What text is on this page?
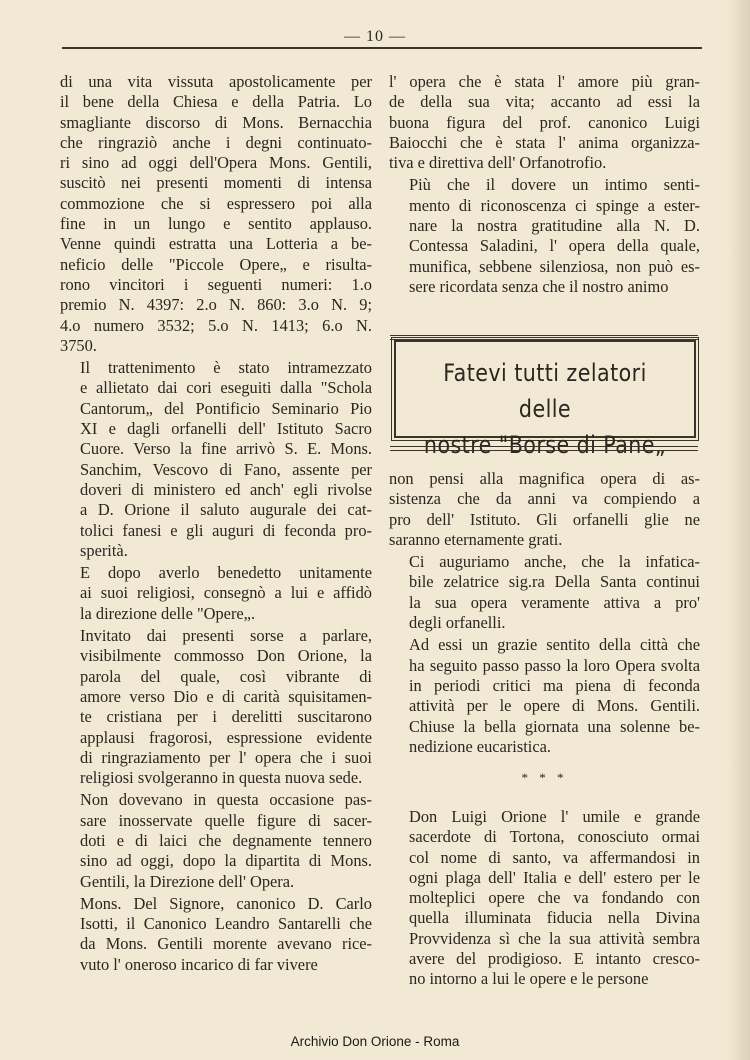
— 10 —

di una vita vissuta apostolicamente per
il bene della Chiesa e della Patria. Lo
smagliante discorso di Mons. Bernacchia
che ringraziò anche i degni continuato-
ri sino ad oggi dell'Opera Mons. Gentili,
suscitò nei presenti momenti di intensa
commozione che si espressero poi alla
fine in un lungo e sentito applauso.
Venne quindi estratta una Lotteria a be-
neficio delle "Piccole Opere„ e risulta-
rono vincitori i seguenti numeri: 1.o
premio N. 4397: 2.o N. 860: 3.o N. 9;
4.o numero 3532; 5.o N. 1413; 6.o N.
3750.

Il trattenimento è stato intramezzato
e allietato dai cori eseguiti dalla "Schola
Cantorum„ del Pontificio Seminario Pio
XI e dagli orfanelli dell' Istituto Sacro
Cuore. Verso la fine arrivò S. E. Mons.
Sanchim, Vescovo di Fano, assente per
doveri di ministero ed anch' egli rivolse
a D. Orione il saluto augurale dei cat-
tolici fanesi e gli auguri di feconda pro-
sperità.

E dopo averlo benedetto unitamente
ai suoi religiosi, consegnò a lui e affidò
la direzione delle "Opere„.

Invitato dai presenti sorse a parlare,
visibilmente commosso Don Orione, la
parola del quale, così vibrante di
amore verso Dio e di carità squisitamen-
te cristiana per i derelitti suscitarono
applausi fragorosi, espressione evidente
di ringraziamento per l' opera che i suoi
religiosi svolgeranno in questa nuova sede.

Non dovevano in questa occasione pas-
sare inosservate quelle figure di sacer-
doti e di laici che degnamente tennero
sino ad oggi, dopo la dipartita di Mons.
Gentili, la Direzione dell' Opera.

Mons. Del Signore, canonico D. Carlo
Isotti, il Canonico Leandro Santarelli che
da Mons. Gentili morente avevano rice-
vuto l' oneroso incarico di far vivere

l' opera che è stata l' amore più gran-
de della sua vita; accanto ad essi la
buona figura del prof. canonico Luigi
Baiocchi che è stata l' anima organizza-
tiva e direttiva dell' Orfanotrofio.

Più che il dovere un intimo senti-
mento di riconoscenza ci spinge a ester-
nare la nostra gratitudine alla N. D.
Contessa Saladini, l' opera della quale,
munifica, sebbene silenziosa, non può es-
sere ricordata senza che il nostro animo

Fatevi tutti zelatori delle
nostre "Borse di Pane„

non pensi alla magnifica opera di as-
sistenza che da anni va compiendo a
pro dell' Istituto. Gli orfanelli glie ne
saranno eternamente grati.

Ci auguriamo anche, che la infatica-
bile zelatrice sig.ra Della Santa continui
la sua opera veramente attiva a pro'
degli orfanelli.

Ad essi un grazie sentito della città che
ha seguito passo passo la loro Opera svolta
in periodi critici ma piena di feconda
attività per le opere di Mons. Gentili.
Chiuse la bella giornata una solenne be-
nedizione eucaristica.

* * *

Don Luigi Orione l' umile e grande
sacerdote di Tortona, conosciuto ormai
col nome di santo, va affermandosi in
ogni plaga dell' Italia e dell' estero per le
molteplici opere che va fondando con
quella illuminata fiducia nella Divina
Provvidenza sì che la sua attività sembra
avere del prodigioso. E intanto cresco-
no intorno a lui le opere e le persone

Archivio Don Orione - Roma
